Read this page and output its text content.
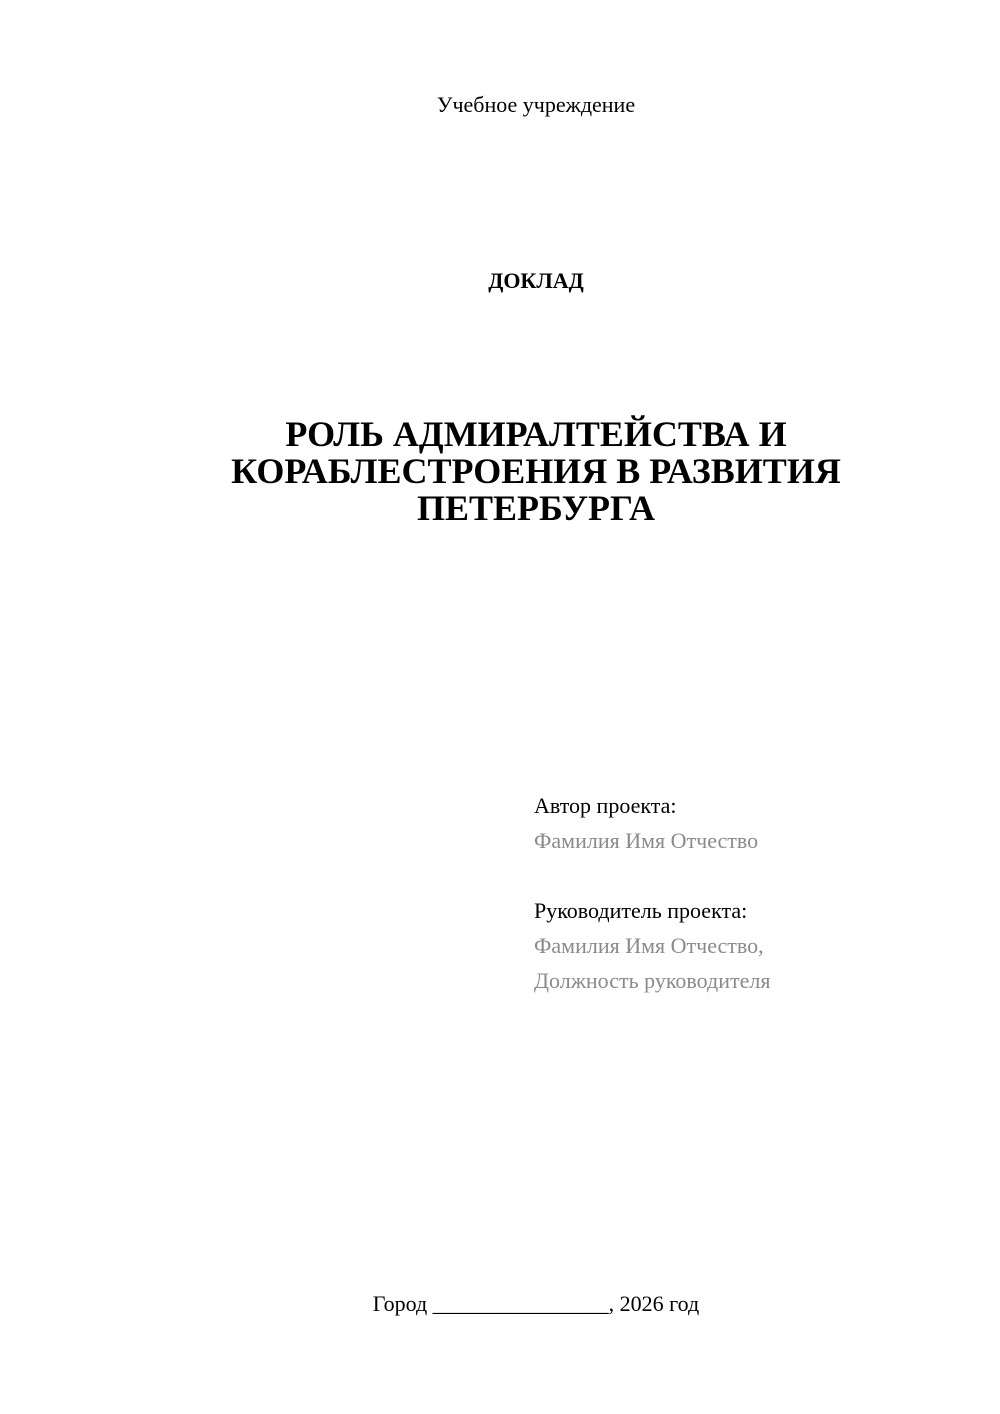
Учебное учреждение
ДОКЛАД
РОЛЬ АДМИРАЛТЕЙСТВА И
КОРАБЛЕСТРОЕНИЯ В РАЗВИТИЯ
ПЕТЕРБУРГА
Автор проекта:
Фамилия Имя Отчество
Руководитель проекта:
Фамилия Имя Отчество,
Должность руководителя
Город ________________, 2026 год
